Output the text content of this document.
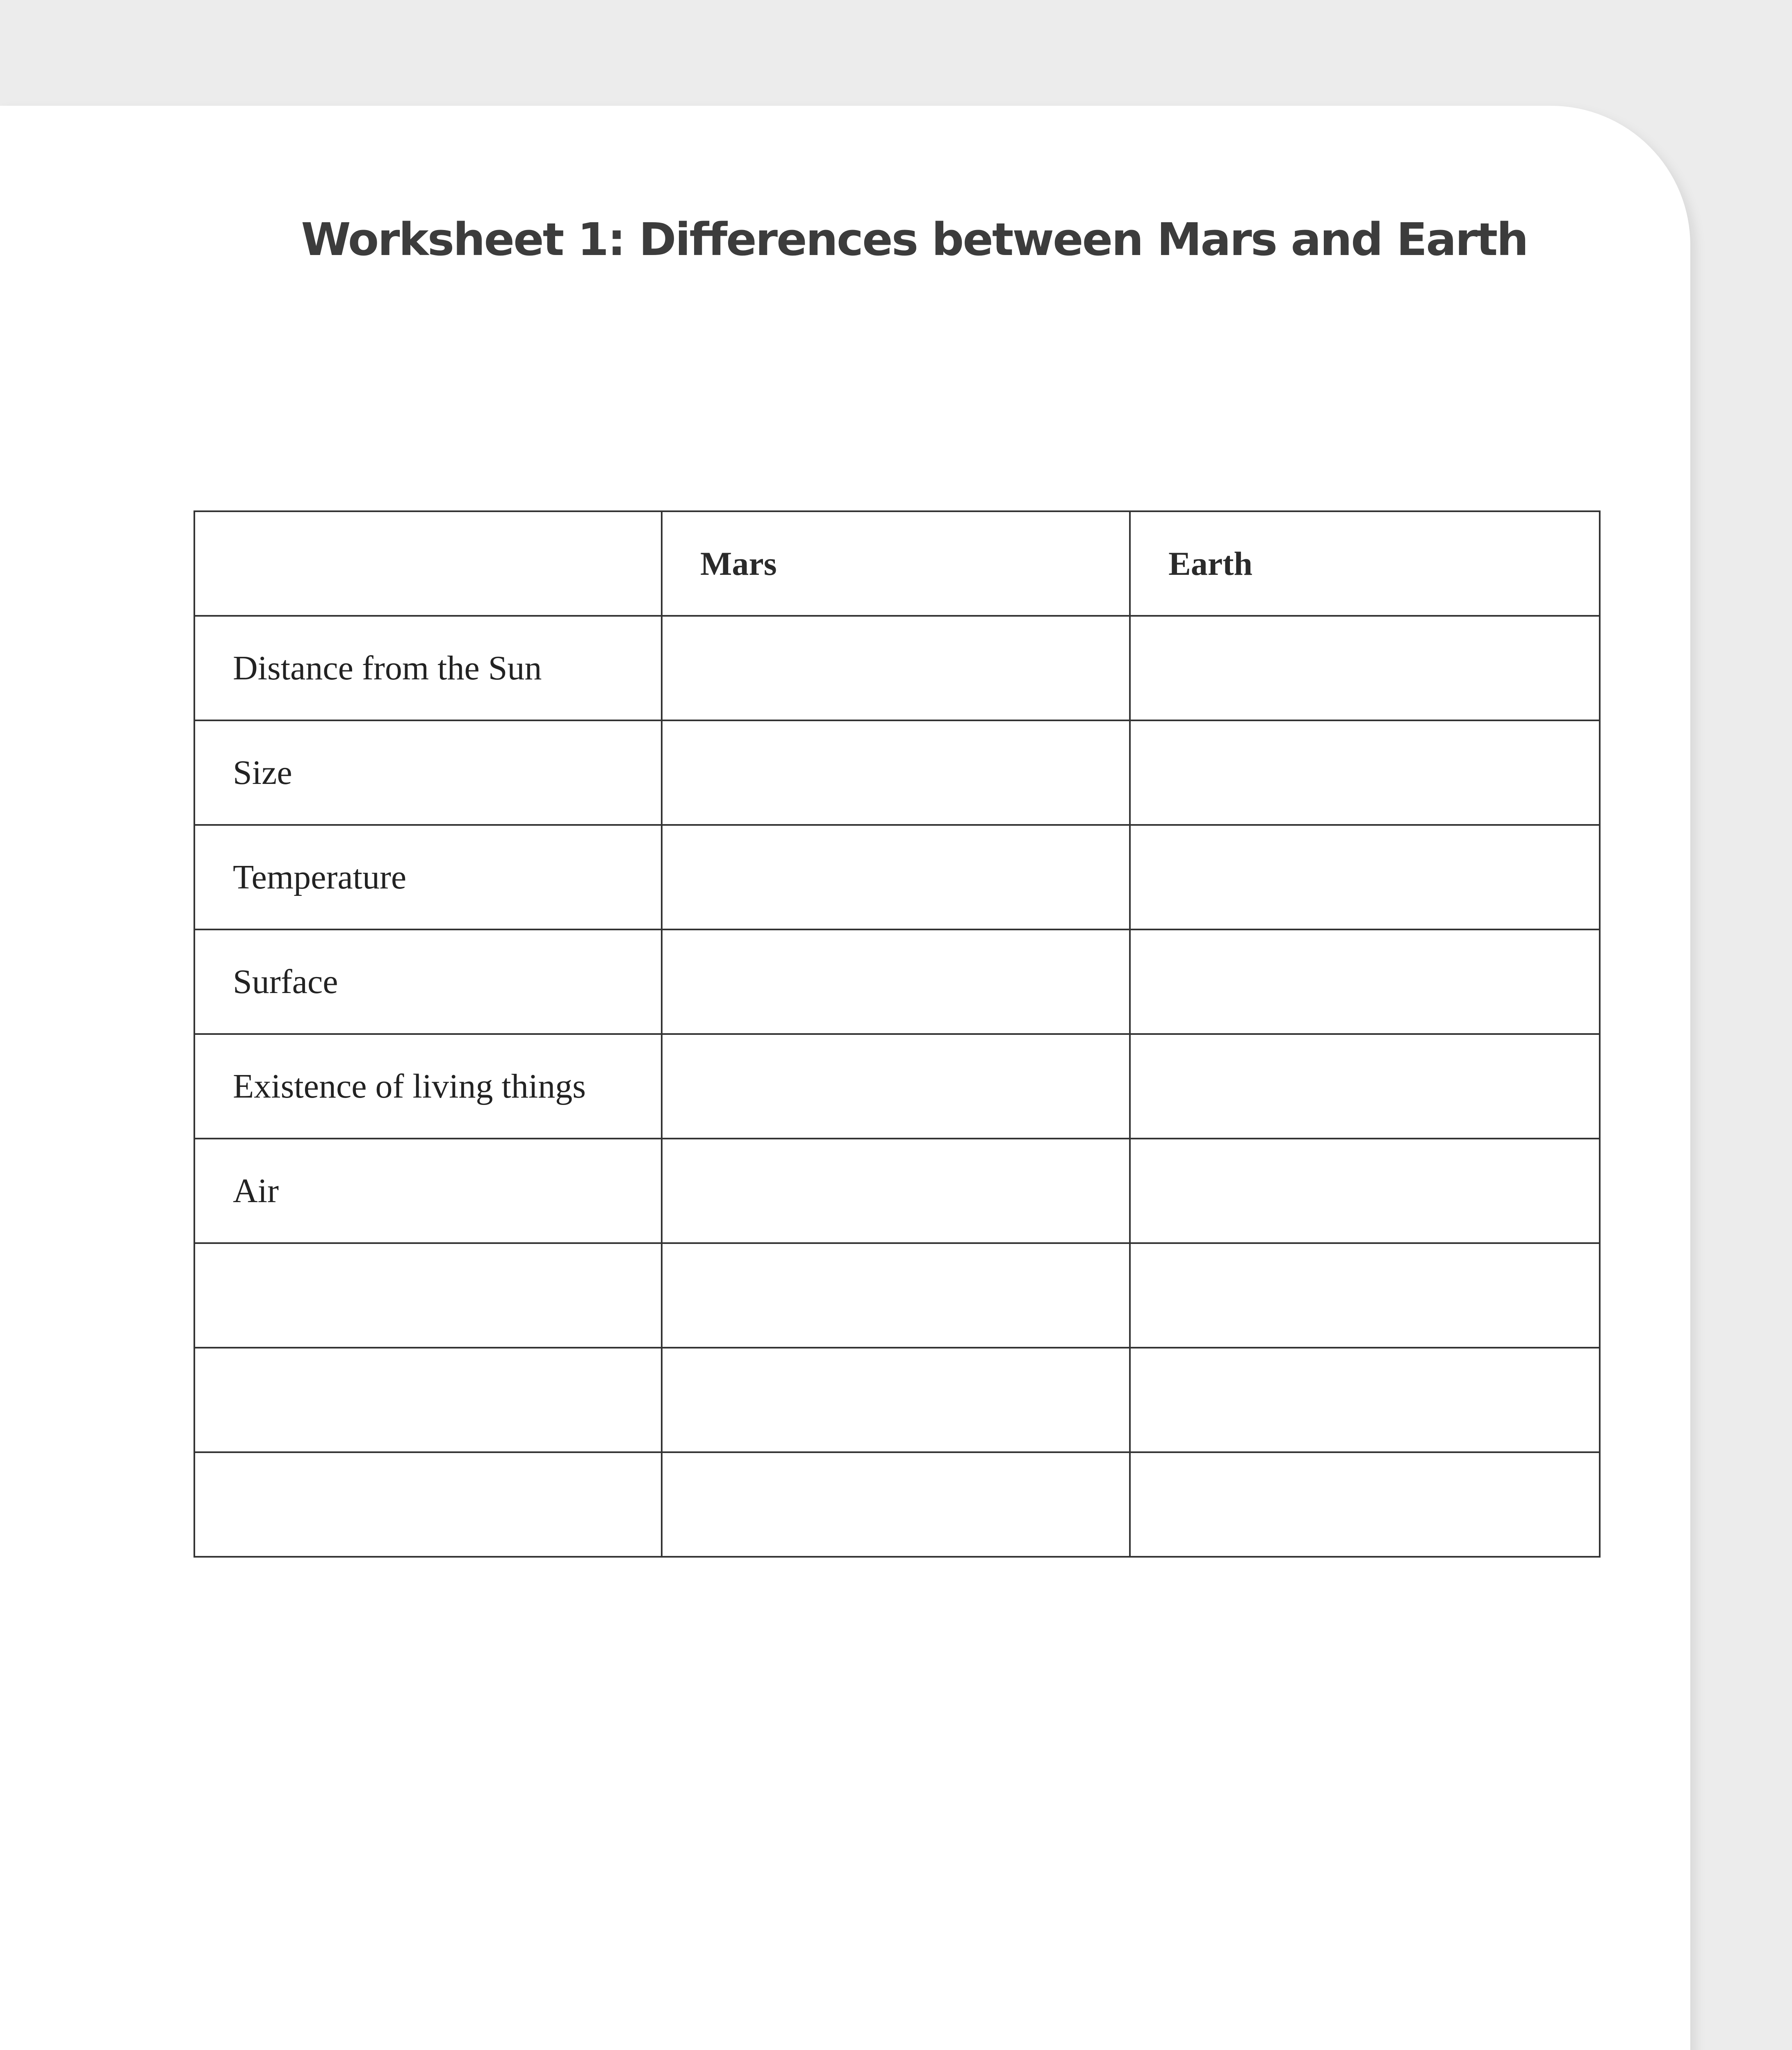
Worksheet 1: Differences between Mars and Earth
	Mars	Earth
Distance from the Sun		
Size		
Temperature		
Surface		
Existence of living things		
Air		
